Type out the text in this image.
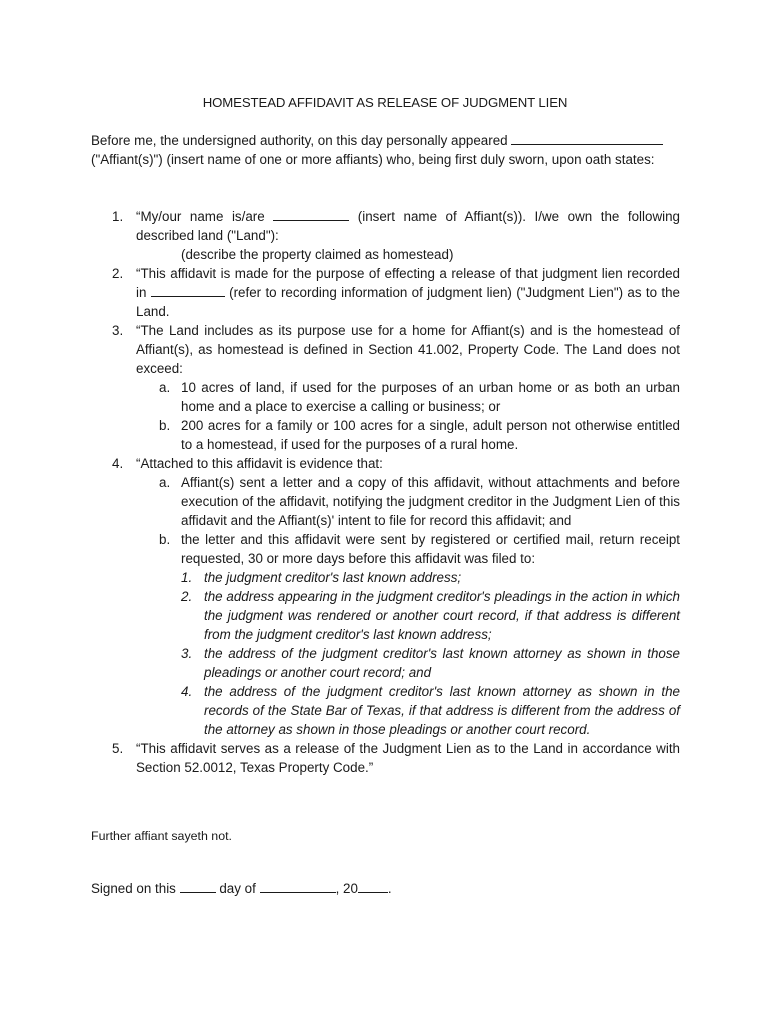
HOMESTEAD AFFIDAVIT AS RELEASE OF JUDGMENT LIEN
Before me, the undersigned authority, on this day personally appeared
("Affiant(s)") (insert name of one or more affiants) who, being first duly sworn, upon oath states:
1. “My/our name is/are	(insert name of Affiant(s)). I/we own the following described land ("Land"):
(describe the property claimed as homestead)
2. “This affidavit is made for the purpose of effecting a release of that judgment lien recorded in	(refer to recording information of judgment lien) ("Judgment Lien") as to the Land.
3. “The Land includes as its purpose use for a home for Affiant(s) and is the homestead of Affiant(s), as homestead is defined in Section 41.002, Property Code. The Land does not exceed:
a. 10 acres of land, if used for the purposes of an urban home or as both an urban home and a place to exercise a calling or business; or
b. 200 acres for a family or 100 acres for a single, adult person not otherwise entitled to a homestead, if used for the purposes of a rural home.
4. “Attached to this affidavit is evidence that:
a. Affiant(s) sent a letter and a copy of this affidavit, without attachments and before execution of the affidavit, notifying the judgment creditor in the Judgment Lien of this affidavit and the Affiant(s)' intent to file for record this affidavit; and
b. the letter and this affidavit were sent by registered or certified mail, return receipt requested, 30 or more days before this affidavit was filed to:
1. the judgment creditor's last known address;
2. the address appearing in the judgment creditor's pleadings in the action in which the judgment was rendered or another court record, if that address is different from the judgment creditor's last known address;
3. the address of the judgment creditor's last known attorney as shown in those pleadings or another court record; and
4. the address of the judgment creditor's last known attorney as shown in the records of the State Bar of Texas, if that address is different from the address of the attorney as shown in those pleadings or another court record.
5. “This affidavit serves as a release of the Judgment Lien as to the Land in accordance with Section 52.0012, Texas Property Code.”
Further affiant sayeth not.
Signed on this	day of	, 20 .
